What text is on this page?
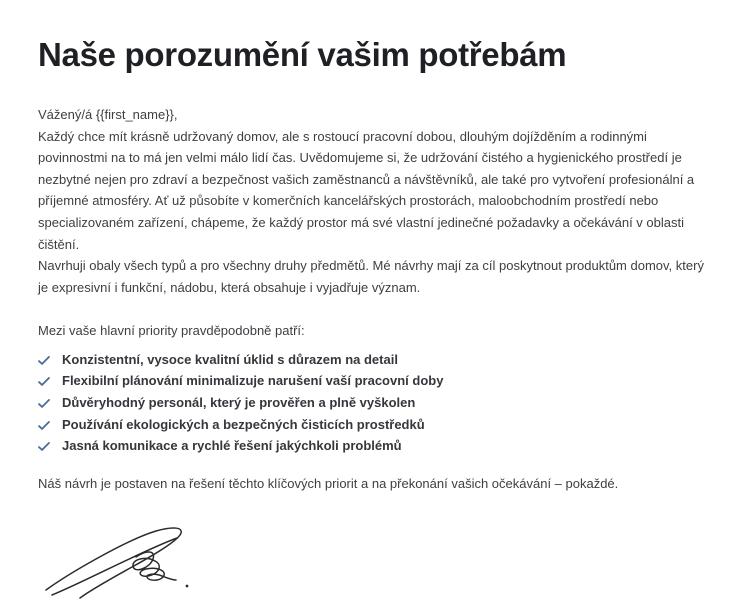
Naše porozumění vašim potřebám
Vážený/á {{first_name}},
Každý chce mít krásně udržovaný domov, ale s rostoucí pracovní dobou, dlouhým dojížděním a rodinnými povinnostmi na to má jen velmi málo lidí čas. Uvědomujeme si, že udržování čistého a hygienického prostředí je nezbytné nejen pro zdraví a bezpečnost vašich zaměstnanců a návštěvníků, ale také pro vytvoření profesionální a příjemné atmosféry. Ať už působíte v komerčních kancelářských prostorách, maloobchodním prostředí nebo specializovaném zařízení, chápeme, že každý prostor má své vlastní jedinečné požadavky a očekávání v oblasti čištění.
Navrhuji obaly všech typů a pro všechny druhy předmětů. Mé návrhy mají za cíl poskytnout produktům domov, který je expresivní i funkční, nádobu, která obsahuje i vyjadřuje význam.
Mezi vaše hlavní priority pravděpodobně patří:
Konzistentní, vysoce kvalitní úklid s důrazem na detail
Flexibilní plánování minimalizuje narušení vaší pracovní doby
Důvěryhodný personál, který je prověřen a plně vyškolen
Používání ekologických a bezpečných čisticích prostředků
Jasná komunikace a rychlé řešení jakýchkoli problémů
Náš návrh je postaven na řešení těchto klíčových priorit a na překonání vašich očekávání – pokaždé.
